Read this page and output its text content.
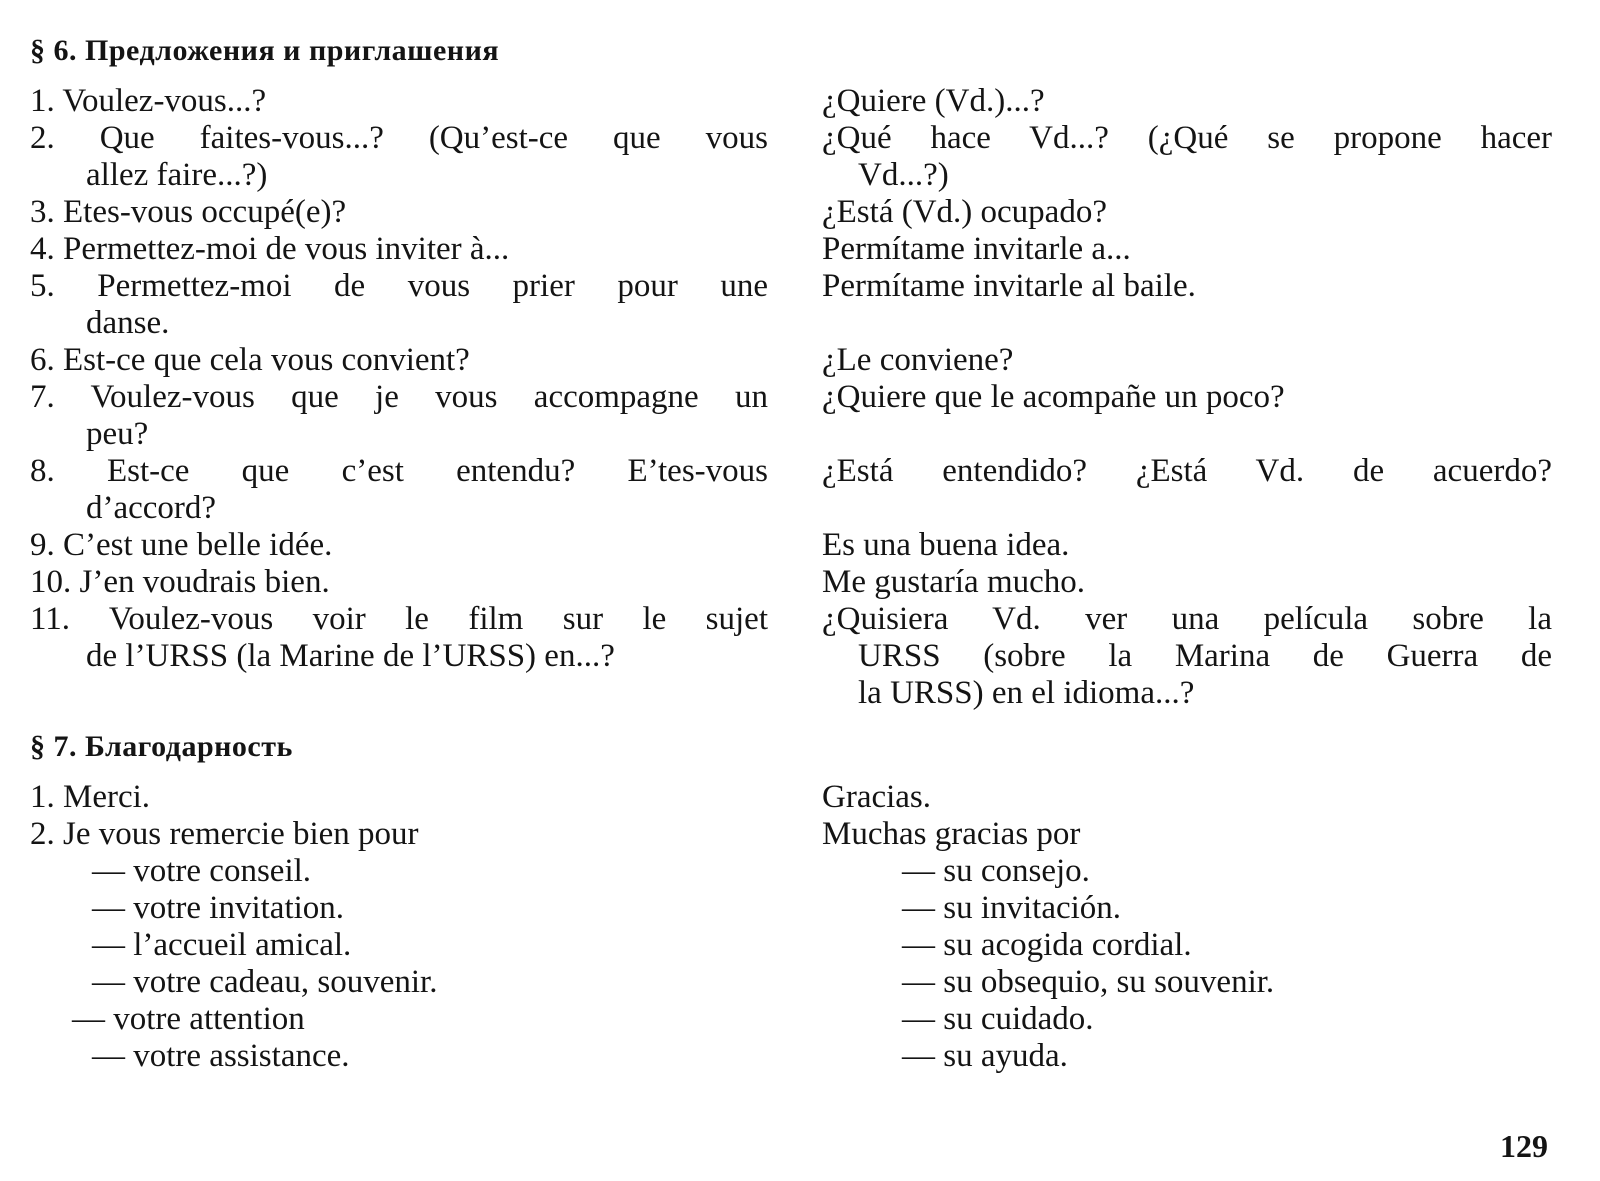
§ 6. Предложения и приглашения
1. Voulez-vous...?
2. Que faites-vous...? (Qu’est-ce que vous
allez faire...?)
3. Etes-vous occupé(e)?
4. Permettez-moi de vous inviter à...
5. Permettez-moi de vous prier pour une
danse.
6. Est-ce que cela vous convient?
7. Voulez-vous que je vous accompagne un
peu?
8. Est-ce que c’est entendu? E’tes-vous
d’accord?
9. C’est une belle idée.
10. J’en voudrais bien.
11. Voulez-vous voir le film sur le sujet
de l’URSS (la Marine de l’URSS) en...?
¿Quiere (Vd.)...?
¿Qué hace Vd...? (¿Qué se propone hacer
Vd...?)
¿Está (Vd.) ocupado?
Permítame invitarle a...
Permítame invitarle al baile.
¿Le conviene?
¿Quiere que le acompañe un poco?
¿Está entendido? ¿Está Vd. de acuerdo?
Es una buena idea.
Me gustaría mucho.
¿Quisiera Vd. ver una película sobre la
URSS (sobre la Marina de Guerra de
la URSS) en el idioma...?
§ 7. Благодарность
1. Merci.
2. Je vous remercie bien pour
— votre conseil.
— votre invitation.
— l’accueil amical.
— votre cadeau, souvenir.
— votre attention
— votre assistance.
Gracias.
Muchas gracias por
— su consejo.
— su invitación.
— su acogida cordial.
— su obsequio, su souvenir.
— su cuidado.
— su ayuda.
129
